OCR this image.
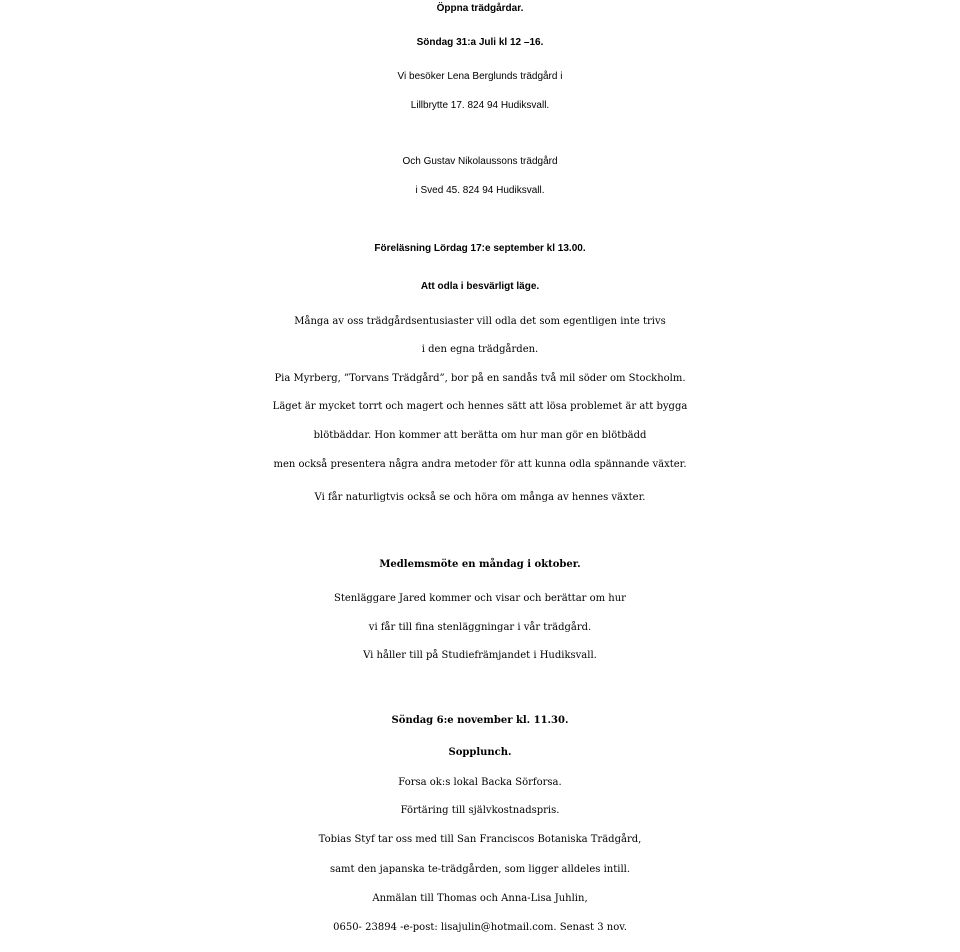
Öppna trädgårdar.
Söndag 31:a Juli kl 12 –16.
Vi besöker Lena Berglunds trädgård i
Lillbrytte 17. 824 94 Hudiksvall.
Och Gustav Nikolaussons trädgård
i Sved 45. 824 94 Hudiksvall.
Föreläsning Lördag 17:e september kl 13.00.
Att odla i besvärligt läge.
Många av oss trädgårdsentusiaster vill odla det som egentligen inte trivs
i den egna trädgården.
Pia Myrberg, ”Torvans Trädgård”, bor på en sandås två mil söder om Stockholm.
Läget är mycket torrt och magert och hennes sätt att lösa problemet är att bygga
blötbäddar. Hon kommer att berätta om hur man gör en blötbädd
men också presentera några andra metoder för att kunna odla spännande växter.
Vi får naturligtvis också se och höra om många av hennes växter.
Medlemsmöte en måndag i oktober.
Stenläggare Jared kommer och visar och berättar om hur
vi får till fina stenläggningar i vår trädgård.
Vi håller till på Studiefrämjandet i Hudiksvall.
Söndag 6:e november kl. 11.30.
Sopplunch.
Forsa ok:s lokal Backa Sörforsa.
Förtäring till självkostnadspris.
Tobias Styf tar oss med till San Franciscos Botaniska Trädgård,
samt den japanska te-trädgården, som ligger alldeles intill.
Anmälan till Thomas och Anna-Lisa Juhlin,
0650- 23894 -e-post: lisajulin@hotmail.com. Senast 3 nov.
